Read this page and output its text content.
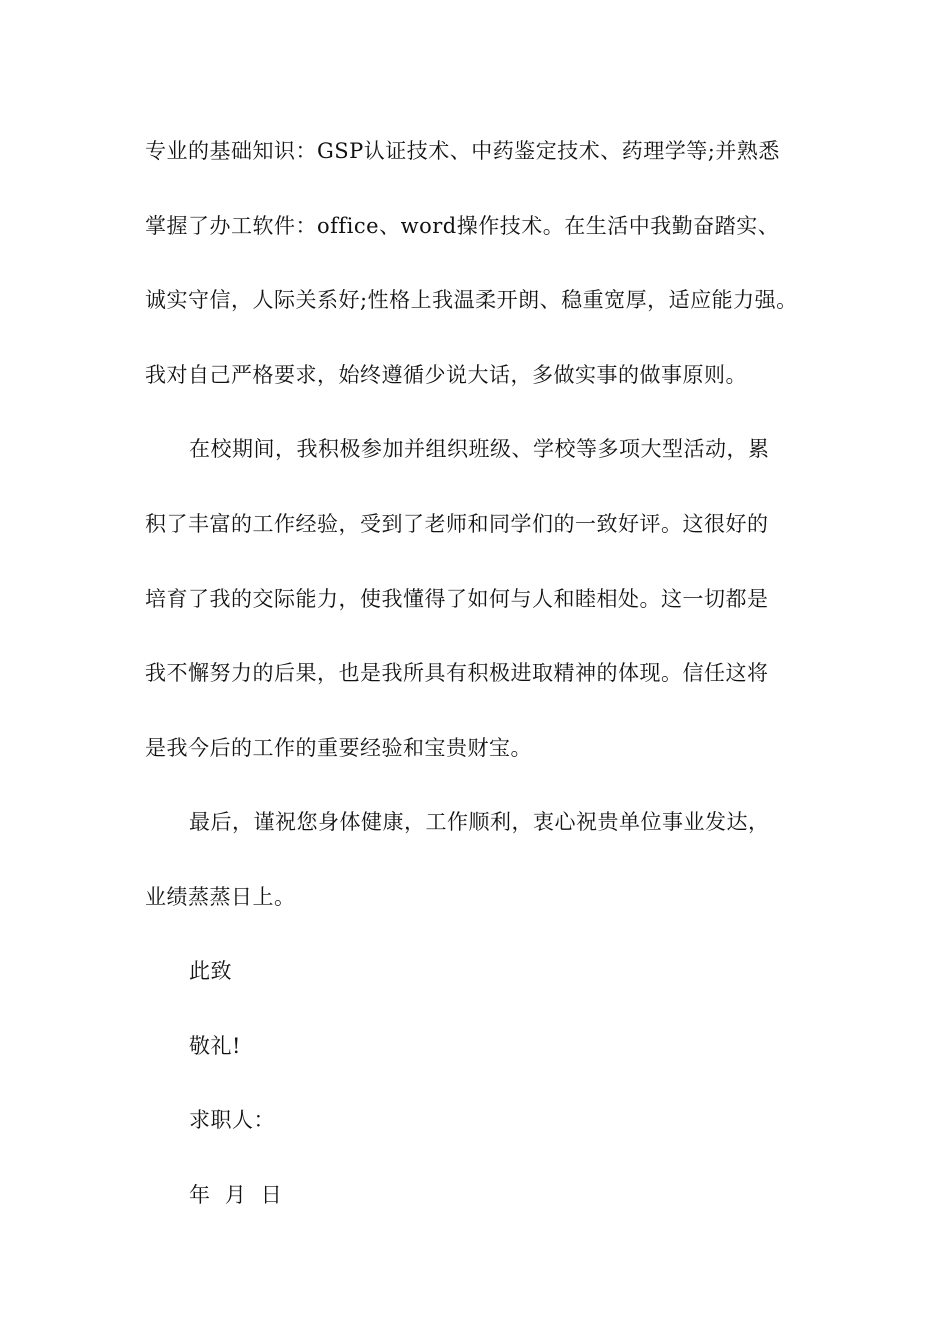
专业的基础知识：GSP认证技术、中药鉴定技术、药理学等;并熟悉
掌握了办工软件：office、word操作技术。在生活中我勤奋踏实、
诚实守信，人际关系好;性格上我温柔开朗、稳重宽厚，适应能力强。
我对自己严格要求，始终遵循少说大话，多做实事的做事原则。
在校期间，我积极参加并组织班级、学校等多项大型活动，累
积了丰富的工作经验，受到了老师和同学们的一致好评。这很好的
培育了我的交际能力，使我懂得了如何与人和睦相处。这一切都是
我不懈努力的后果，也是我所具有积极进取精神的体现。信任这将
是我今后的工作的重要经验和宝贵财宝。
最后，谨祝您身体健康，工作顺利，衷心祝贵单位事业发达，
业绩蒸蒸日上。
此致
敬礼!
求职人：
年  月  日
